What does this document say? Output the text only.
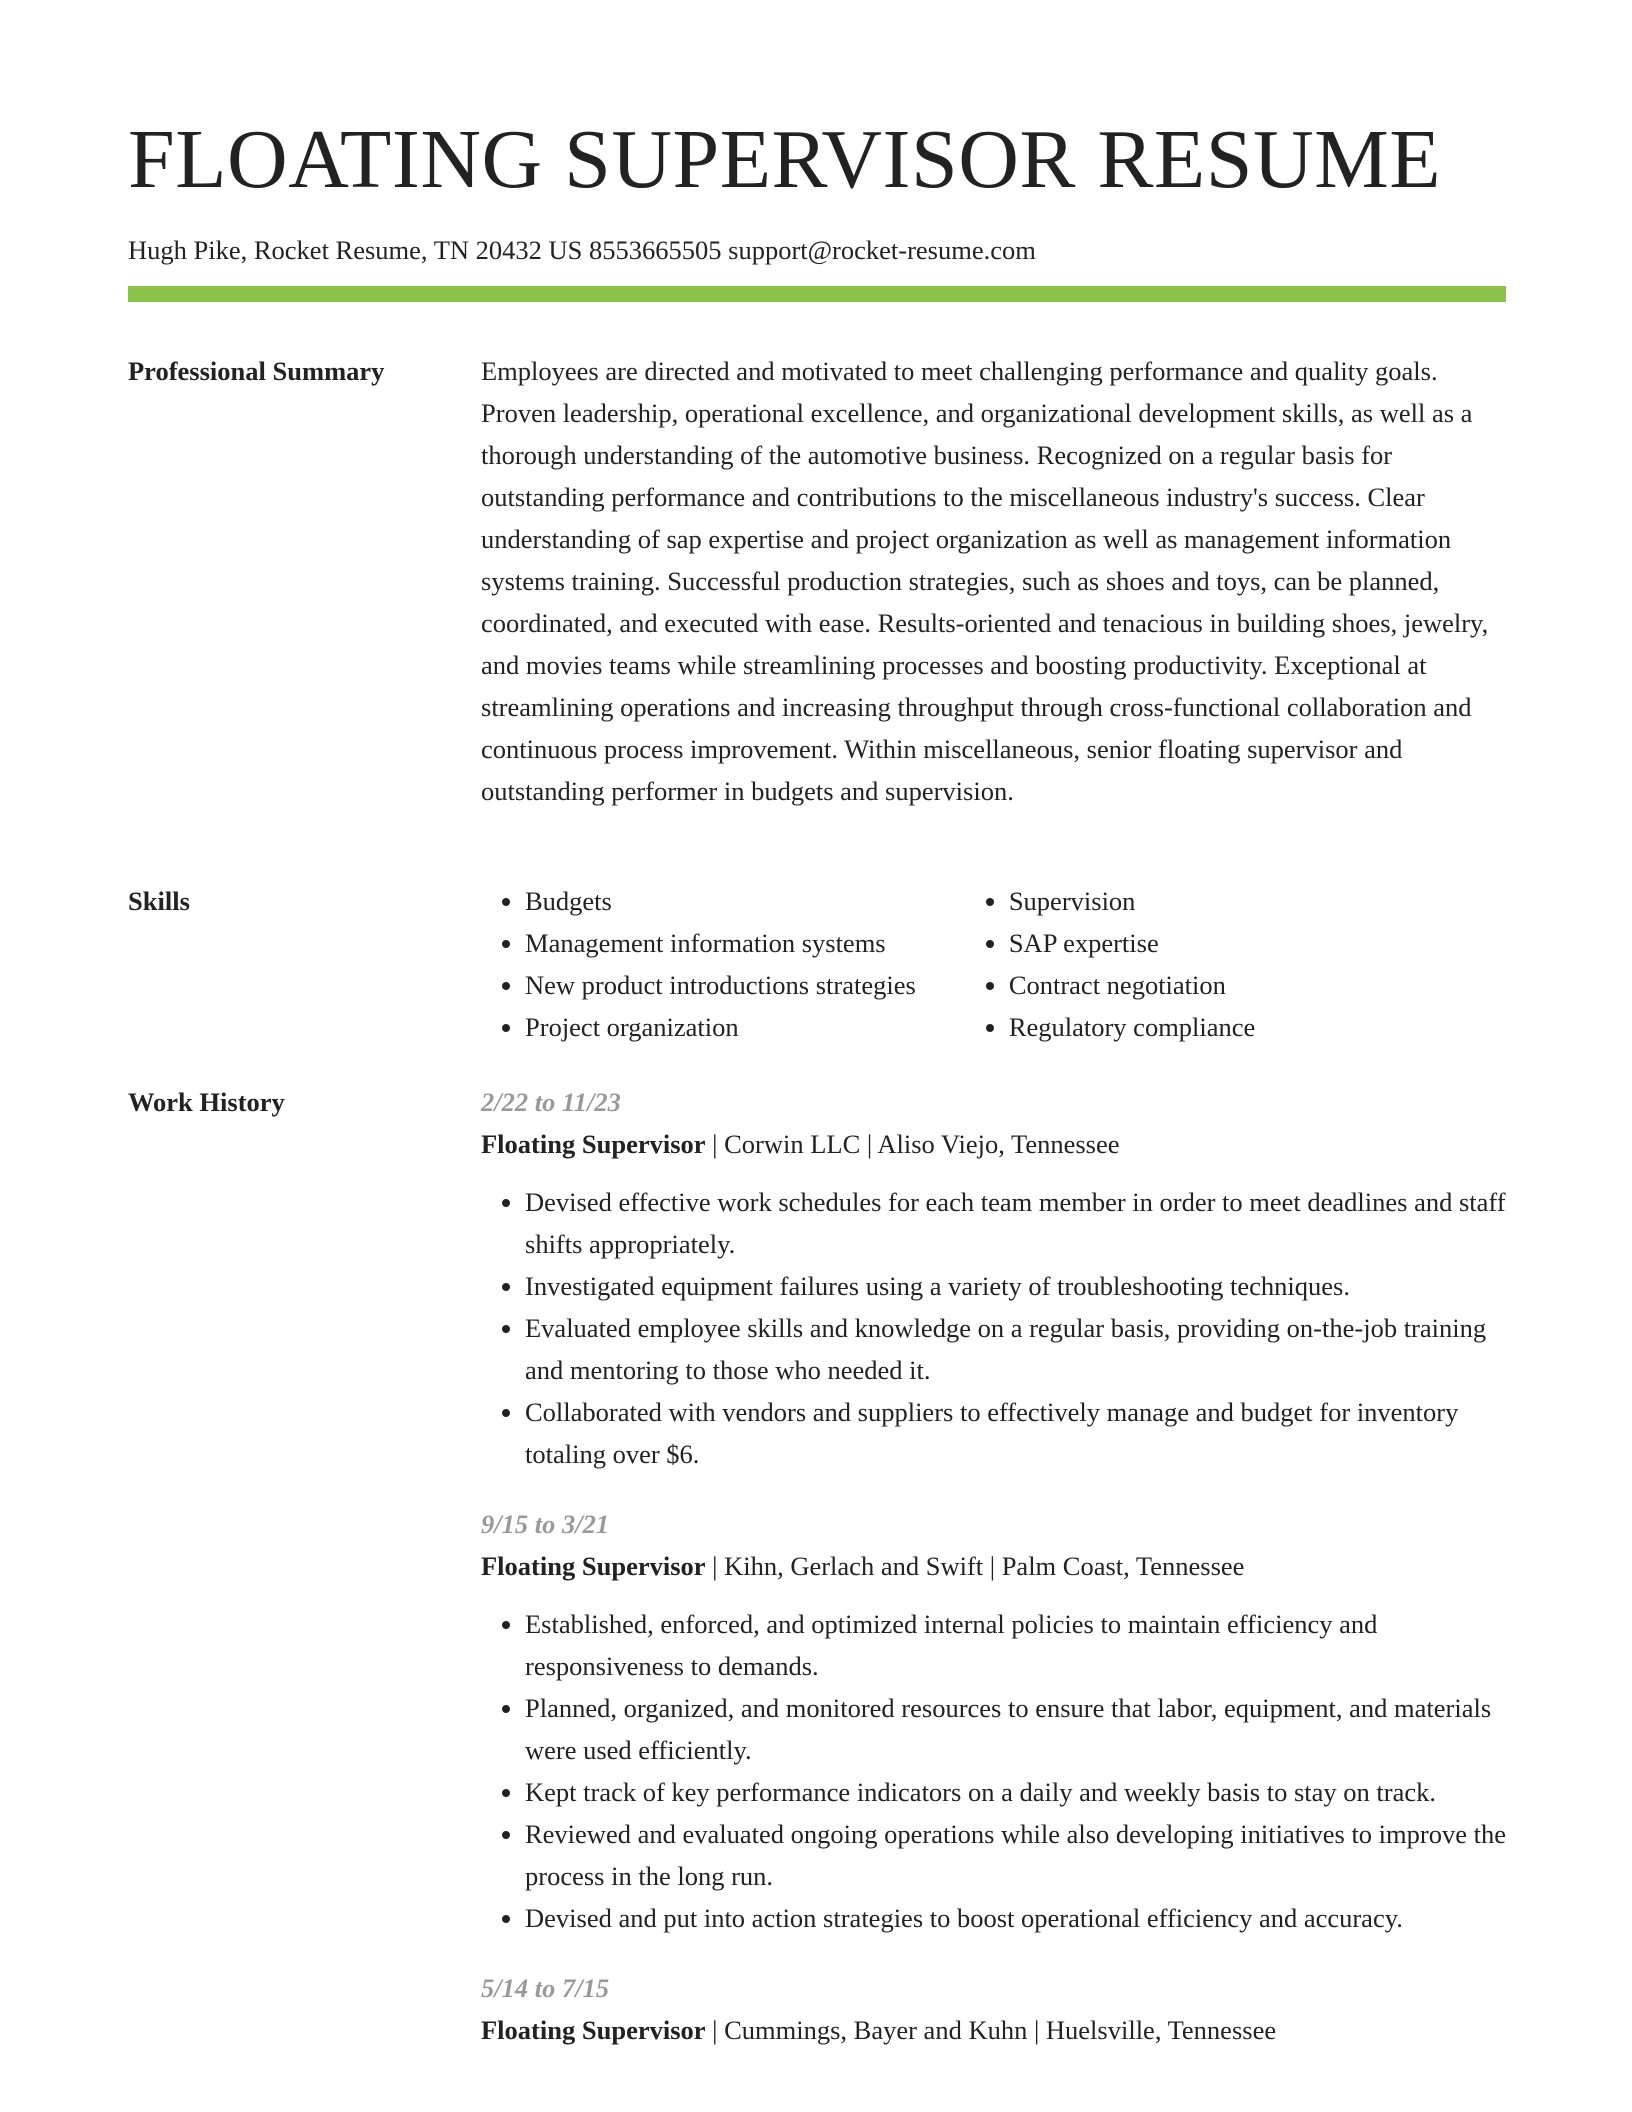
FLOATING SUPERVISOR RESUME
Hugh Pike, Rocket Resume, TN 20432 US 8553665505 support@rocket-resume.com
Professional Summary	Employees are directed and motivated to meet challenging performance and quality goals. Proven leadership, operational excellence, and organizational development skills, as well as a thorough understanding of the automotive business. Recognized on a regular basis for outstanding performance and contributions to the miscellaneous industry's success. Clear understanding of sap expertise and project organization as well as management information systems training. Successful production strategies, such as shoes and toys, can be planned, coordinated, and executed with ease. Results-oriented and tenacious in building shoes, jewelry, and movies teams while streamlining processes and boosting productivity. Exceptional at streamlining operations and increasing throughput through cross-functional collaboration and continuous process improvement. Within miscellaneous, senior floating supervisor and outstanding performer in budgets and supervision.

Skills
•	Budgets
• Management information systems
• New product introductions strategies
• Project organization
• Supervision
• SAP expertise
• Contract negotiation
• Regulatory compliance
Work History	2/22 to 11/23
Floating Supervisor | Corwin LLC | Aliso Viejo, Tennessee
• Devised effective work schedules for each team member in order to meet deadlines and staff shifts appropriately.
• Investigated equipment failures using a variety of troubleshooting techniques.
• Evaluated employee skills and knowledge on a regular basis, providing on-the-job training and mentoring to those who needed it.
• Collaborated with vendors and suppliers to effectively manage and budget for inventory totaling over $6.
9/15 to 3/21
Floating Supervisor | Kihn, Gerlach and Swift | Palm Coast, Tennessee
• Established, enforced, and optimized internal policies to maintain efficiency and responsiveness to demands.
• Planned, organized, and monitored resources to ensure that labor, equipment, and materials were used efficiently.
• Kept track of key performance indicators on a daily and weekly basis to stay on track.
• Reviewed and evaluated ongoing operations while also developing initiatives to improve the process in the long run.
• Devised and put into action strategies to boost operational efficiency and accuracy.
5/14 to 7/15
Floating Supervisor | Cummings, Bayer and Kuhn | Huelsville, Tennessee
